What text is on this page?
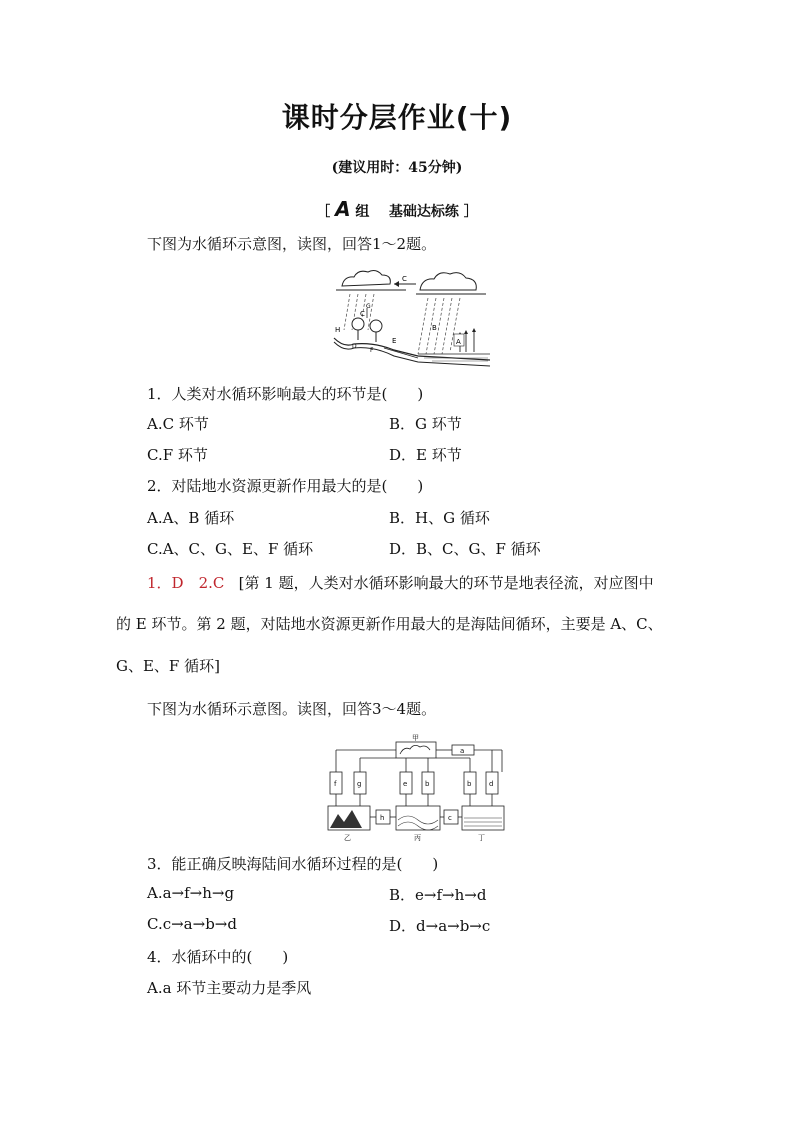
课时分层作业(十)
(建议用时：45分钟)
［ A 组 基础达标练 ］
下图为水循环示意图，读图，回答1～2题。
C
C
B
A
G
H
D
F
E
1．人类对水循环影响最大的环节是(　　)
A.C 环节	B．G 环节
C.F 环节	D．E 环节
2．对陆地水资源更新作用最大的是(　　)
A.A、B 循环	B．H、G 循环
C.A、C、G、E、F 循环	D．B、C、G、F 循环
1．D　2.C [第 1 题，人类对水循环影响最大的环节是地表径流，对应图中
的 E 环节。第 2 题，对陆地水资源更新作用最大的是海陆间循环，主要是 A、C、
G、E、F 循环]
下图为水循环示意图。读图，回答3～4题。
甲
a
f	g	e	b	b	d
h	c
乙	丙	丁
3．能正确反映海陆间水循环过程的是(　　)
A.a→f→h→g	B．e→f→h→d
C.c→a→b→d	D．d→a→b→c
4．水循环中的(　　)
A.a 环节主要动力是季风
